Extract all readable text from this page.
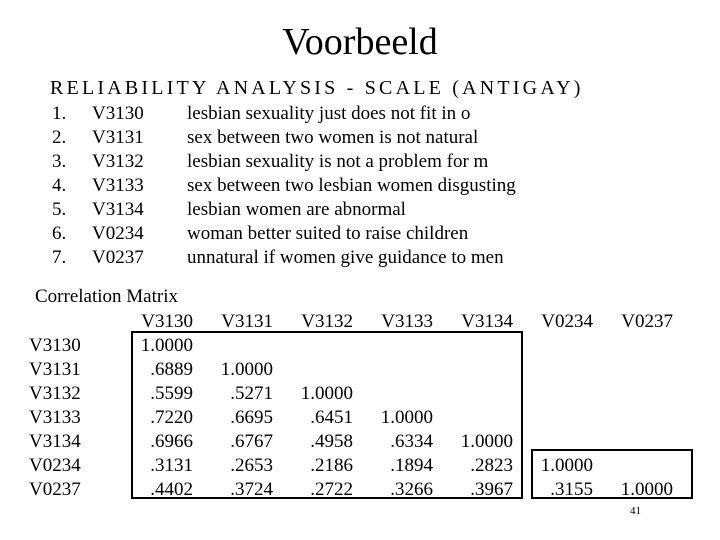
Voorbeeld
RELIABILITY ANALYSIS - SCALE (ANTIGAY)
1. V3130 lesbian sexuality just does not fit in o
2. V3131 sex between two women is not natural
3. V3132 lesbian sexuality is not a problem for m
4. V3133 sex between two lesbian women disgusting
5. V3134 lesbian women are abnormal
6. V0234 woman better suited to raise children
7. V0237 unnatural if women give guidance to men
Correlation Matrix
V3130 V3131 V3132 V3133 V3134 V0234 V0237
V3130	1.0000
V3131	.6889 1.0000
V3132	.5599 .5271 1.0000
V3133	.7220 .6695 .6451 1.0000
V3134	.6966 .6767 .4958 .6334 1.0000
V0234	.3131 .2653 .2186 .1894 .2823 1.0000
V0237	.4402 .3724 .2722 .3266 .3967 .3155 1.0000
41
